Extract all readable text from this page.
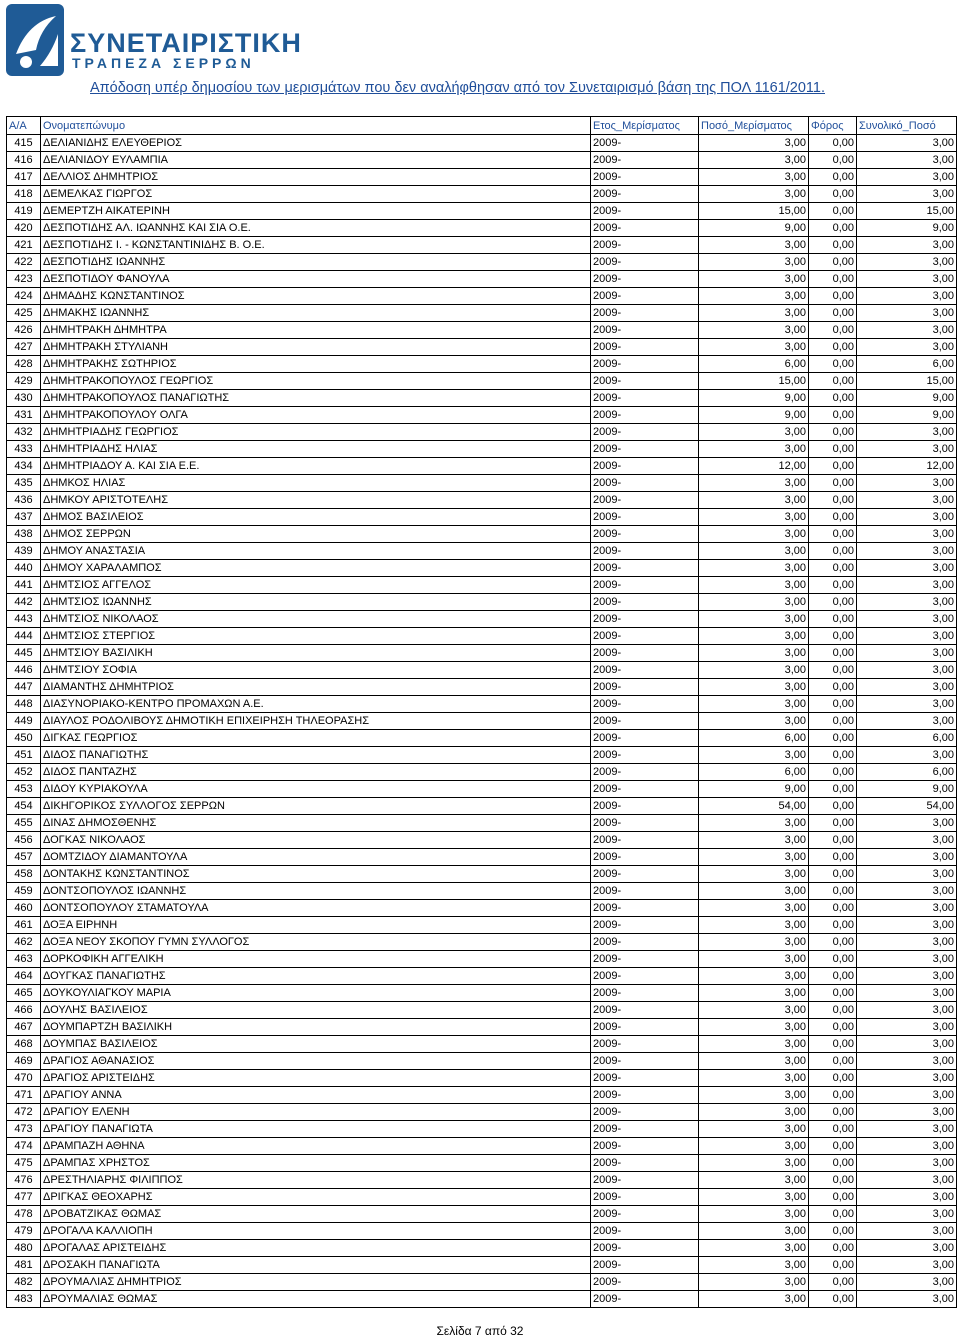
ΣΥΝΕΤΑΙΡΙΣΤΙΚΗ
ΤΡΑΠΕΖΑ ΣΕΡΡΩΝ
Απόδοση υπέρ δημοσίου των μερισμάτων που δεν αναλήφθησαν από τον Συνεταιρισμό βάση της ΠΟΛ 1161/2011.
Α/Α	Ονοματεπώνυμο	Ετος_Μερίσματος	Ποσό_Μερίσματος	Φόρος	Συνολικό_Ποσό
415	ΔΕΛΙΑΝΙΔΗΣ ΕΛΕΥΘΕΡΙΟΣ	2009-	3,00	0,00	3,00
416	ΔΕΛΙΑΝΙΔΟΥ ΕΥΛΑΜΠΙΑ	2009-	3,00	0,00	3,00
417	ΔΕΛΛΙΟΣ ΔΗΜΗΤΡΙΟΣ	2009-	3,00	0,00	3,00
418	ΔΕΜΕΛΚΑΣ ΓΙΩΡΓΟΣ	2009-	3,00	0,00	3,00
419	ΔΕΜΕΡΤΖΗ ΑΙΚΑΤΕΡΙΝΗ	2009-	15,00	0,00	15,00
420	ΔΕΣΠΟΤΙΔΗΣ ΑΛ. ΙΩΑΝΝΗΣ ΚΑΙ ΣΙΑ Ο.Ε.	2009-	9,00	0,00	9,00
421	ΔΕΣΠΟΤΙΔΗΣ Ι. - ΚΩΝΣΤΑΝΤΙΝΙΔΗΣ Β. Ο.Ε.	2009-	3,00	0,00	3,00
422	ΔΕΣΠΟΤΙΔΗΣ ΙΩΑΝΝΗΣ	2009-	3,00	0,00	3,00
423	ΔΕΣΠΟΤΙΔΟΥ ΦΑΝΟΥΛΑ	2009-	3,00	0,00	3,00
424	ΔΗΜΑΔΗΣ ΚΩΝΣΤΑΝΤΙΝΟΣ	2009-	3,00	0,00	3,00
425	ΔΗΜΑΚΗΣ ΙΩΑΝΝΗΣ	2009-	3,00	0,00	3,00
426	ΔΗΜΗΤΡΑΚΗ ΔΗΜΗΤΡΑ	2009-	3,00	0,00	3,00
427	ΔΗΜΗΤΡΑΚΗ ΣΤΥΛΙΑΝΗ	2009-	3,00	0,00	3,00
428	ΔΗΜΗΤΡΑΚΗΣ ΣΩΤΗΡΙΟΣ	2009-	6,00	0,00	6,00
429	ΔΗΜΗΤΡΑΚΟΠΟΥΛΟΣ ΓΕΩΡΓΙΟΣ	2009-	15,00	0,00	15,00
430	ΔΗΜΗΤΡΑΚΟΠΟΥΛΟΣ ΠΑΝΑΓΙΩΤΗΣ	2009-	9,00	0,00	9,00
431	ΔΗΜΗΤΡΑΚΟΠΟΥΛΟΥ ΟΛΓΑ	2009-	9,00	0,00	9,00
432	ΔΗΜΗΤΡΙΑΔΗΣ ΓΕΩΡΓΙΟΣ	2009-	3,00	0,00	3,00
433	ΔΗΜΗΤΡΙΑΔΗΣ ΗΛΙΑΣ	2009-	3,00	0,00	3,00
434	ΔΗΜΗΤΡΙΑΔΟΥ Α. ΚΑΙ ΣΙΑ Ε.Ε.	2009-	12,00	0,00	12,00
435	ΔΗΜΚΟΣ ΗΛΙΑΣ	2009-	3,00	0,00	3,00
436	ΔΗΜΚΟΥ ΑΡΙΣΤΟΤΕΛΗΣ	2009-	3,00	0,00	3,00
437	ΔΗΜΟΣ ΒΑΣΙΛΕΙΟΣ	2009-	3,00	0,00	3,00
438	ΔΗΜΟΣ ΣΕΡΡΩΝ	2009-	3,00	0,00	3,00
439	ΔΗΜΟΥ ΑΝΑΣΤΑΣΙΑ	2009-	3,00	0,00	3,00
440	ΔΗΜΟΥ ΧΑΡΑΛΑΜΠΟΣ	2009-	3,00	0,00	3,00
441	ΔΗΜΤΣΙΟΣ ΑΓΓΕΛΟΣ	2009-	3,00	0,00	3,00
442	ΔΗΜΤΣΙΟΣ ΙΩΑΝΝΗΣ	2009-	3,00	0,00	3,00
443	ΔΗΜΤΣΙΟΣ ΝΙΚΟΛΑΟΣ	2009-	3,00	0,00	3,00
444	ΔΗΜΤΣΙΟΣ ΣΤΕΡΓΙΟΣ	2009-	3,00	0,00	3,00
445	ΔΗΜΤΣΙΟΥ ΒΑΣΙΛΙΚΗ	2009-	3,00	0,00	3,00
446	ΔΗΜΤΣΙΟΥ ΣΟΦΙΑ	2009-	3,00	0,00	3,00
447	ΔΙΑΜΑΝΤΗΣ ΔΗΜΗΤΡΙΟΣ	2009-	3,00	0,00	3,00
448	ΔΙΑΣΥΝΟΡΙΑΚΟ-ΚΕΝΤΡΟ ΠΡΟΜΑΧΩΝ Α.Ε.	2009-	3,00	0,00	3,00
449	ΔΙΑΥΛΟΣ ΡΟΔΟΛΙΒΟΥΣ ΔΗΜΟΤΙΚΗ ΕΠΙΧΕΙΡΗΣΗ ΤΗΛΕΟΡΑΣΗΣ	2009-	3,00	0,00	3,00
450	ΔΙΓΚΑΣ ΓΕΩΡΓΙΟΣ	2009-	6,00	0,00	6,00
451	ΔΙΔΟΣ ΠΑΝΑΓΙΩΤΗΣ	2009-	3,00	0,00	3,00
452	ΔΙΔΟΣ ΠΑΝΤΑΖΗΣ	2009-	6,00	0,00	6,00
453	ΔΙΔΟΥ ΚΥΡΙΑΚΟΥΛΑ	2009-	9,00	0,00	9,00
454	ΔΙΚΗΓΟΡΙΚΟΣ ΣΥΛΛΟΓΟΣ ΣΕΡΡΩΝ	2009-	54,00	0,00	54,00
455	ΔΙΝΑΣ ΔΗΜΟΣΘΕΝΗΣ	2009-	3,00	0,00	3,00
456	ΔΟΓΚΑΣ ΝΙΚΟΛΑΟΣ	2009-	3,00	0,00	3,00
457	ΔΟΜΤΖΙΔΟΥ ΔΙΑΜΑΝΤΟΥΛΑ	2009-	3,00	0,00	3,00
458	ΔΟΝΤΑΚΗΣ ΚΩΝΣΤΑΝΤΙΝΟΣ	2009-	3,00	0,00	3,00
459	ΔΟΝΤΣΟΠΟΥΛΟΣ ΙΩΑΝΝΗΣ	2009-	3,00	0,00	3,00
460	ΔΟΝΤΣΟΠΟΥΛΟΥ ΣΤΑΜΑΤΟΥΛΑ	2009-	3,00	0,00	3,00
461	ΔΟΞΑ ΕΙΡΗΝΗ	2009-	3,00	0,00	3,00
462	ΔΟΞΑ ΝΕΟΥ ΣΚΟΠΟΥ ΓΥΜΝ ΣΥΛΛΟΓΟΣ	2009-	3,00	0,00	3,00
463	ΔΟΡΚΟΦΙΚΗ ΑΓΓΕΛΙΚΗ	2009-	3,00	0,00	3,00
464	ΔΟΥΓΚΑΣ ΠΑΝΑΓΙΩΤΗΣ	2009-	3,00	0,00	3,00
465	ΔΟΥΚΟΥΛΙΑΓΚΟΥ ΜΑΡΙΑ	2009-	3,00	0,00	3,00
466	ΔΟΥΛΗΣ ΒΑΣΙΛΕΙΟΣ	2009-	3,00	0,00	3,00
467	ΔΟΥΜΠΑΡΤΖΗ ΒΑΣΙΛΙΚΗ	2009-	3,00	0,00	3,00
468	ΔΟΥΜΠΑΣ ΒΑΣΙΛΕΙΟΣ	2009-	3,00	0,00	3,00
469	ΔΡΑΓΙΟΣ ΑΘΑΝΑΣΙΟΣ	2009-	3,00	0,00	3,00
470	ΔΡΑΓΙΟΣ ΑΡΙΣΤΕΙΔΗΣ	2009-	3,00	0,00	3,00
471	ΔΡΑΓΙΟΥ ΑΝΝΑ	2009-	3,00	0,00	3,00
472	ΔΡΑΓΙΟΥ ΕΛΕΝΗ	2009-	3,00	0,00	3,00
473	ΔΡΑΓΙΟΥ ΠΑΝΑΓΙΩΤΑ	2009-	3,00	0,00	3,00
474	ΔΡΑΜΠΑΖΗ ΑΘΗΝΑ	2009-	3,00	0,00	3,00
475	ΔΡΑΜΠΑΣ ΧΡΗΣΤΟΣ	2009-	3,00	0,00	3,00
476	ΔΡΕΣΤΗΛΙΑΡΗΣ ΦΙΛΙΠΠΟΣ	2009-	3,00	0,00	3,00
477	ΔΡΙΓΚΑΣ ΘΕΟΧΑΡΗΣ	2009-	3,00	0,00	3,00
478	ΔΡΟΒΑΤΖΙΚΑΣ ΘΩΜΑΣ	2009-	3,00	0,00	3,00
479	ΔΡΟΓΑΛΑ ΚΑΛΛΙΟΠΗ	2009-	3,00	0,00	3,00
480	ΔΡΟΓΑΛΑΣ ΑΡΙΣΤΕΙΔΗΣ	2009-	3,00	0,00	3,00
481	ΔΡΟΣΑΚΗ ΠΑΝΑΓΙΩΤΑ	2009-	3,00	0,00	3,00
482	ΔΡΟΥΜΑΛΙΑΣ ΔΗΜΗΤΡΙΟΣ	2009-	3,00	0,00	3,00
483	ΔΡΟΥΜΑΛΙΑΣ ΘΩΜΑΣ	2009-	3,00	0,00	3,00
Σελίδα 7 από 32
